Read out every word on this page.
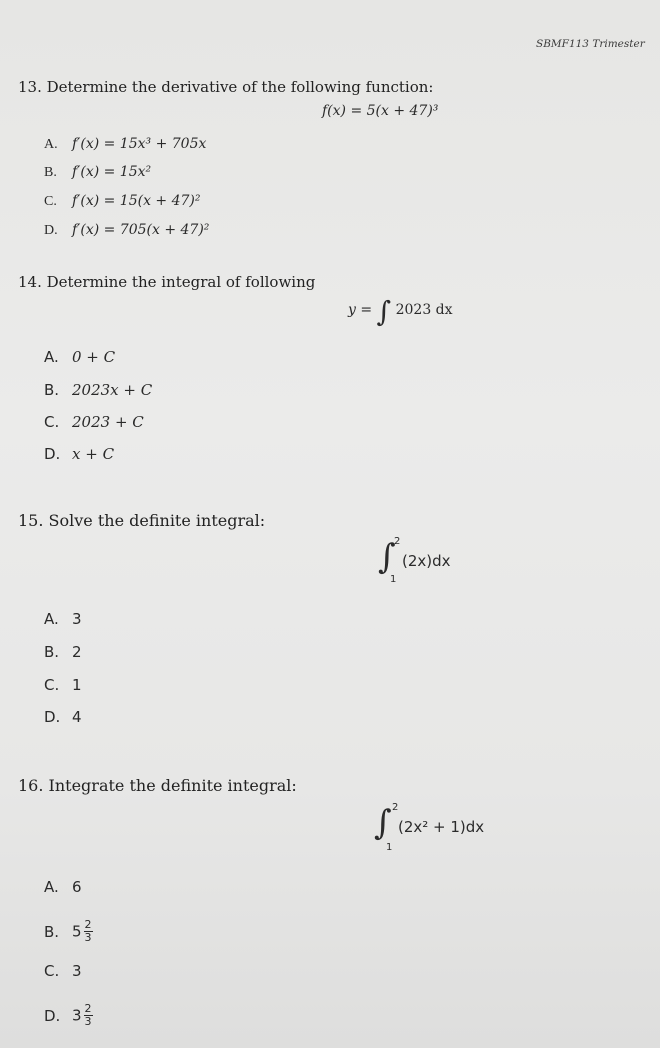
SBMF113 Trimester
13. Determine the derivative of the following function:
f(x) = 5(x + 47)³
A. f′(x) = 15x³ + 705x
B. f′(x) = 15x²
C. f′(x) = 15(x + 47)²
D. f′(x) = 705(x + 47)²
14. Determine the integral of following
y = ∫ 2023 dx
A. 0 + C
B. 2023x + C
C. 2023 + C
D. x + C
15. Solve the definite integral:
∫
2
1
(2x)dx
A. 3
B. 2
C. 1
D. 4
16. Integrate the definite integral:
∫ 2
1
(2x² + 1)dx
A. 6
B. $5 \frac{2}{3}$
C. 3
D. $3 \frac{2}{3}$
